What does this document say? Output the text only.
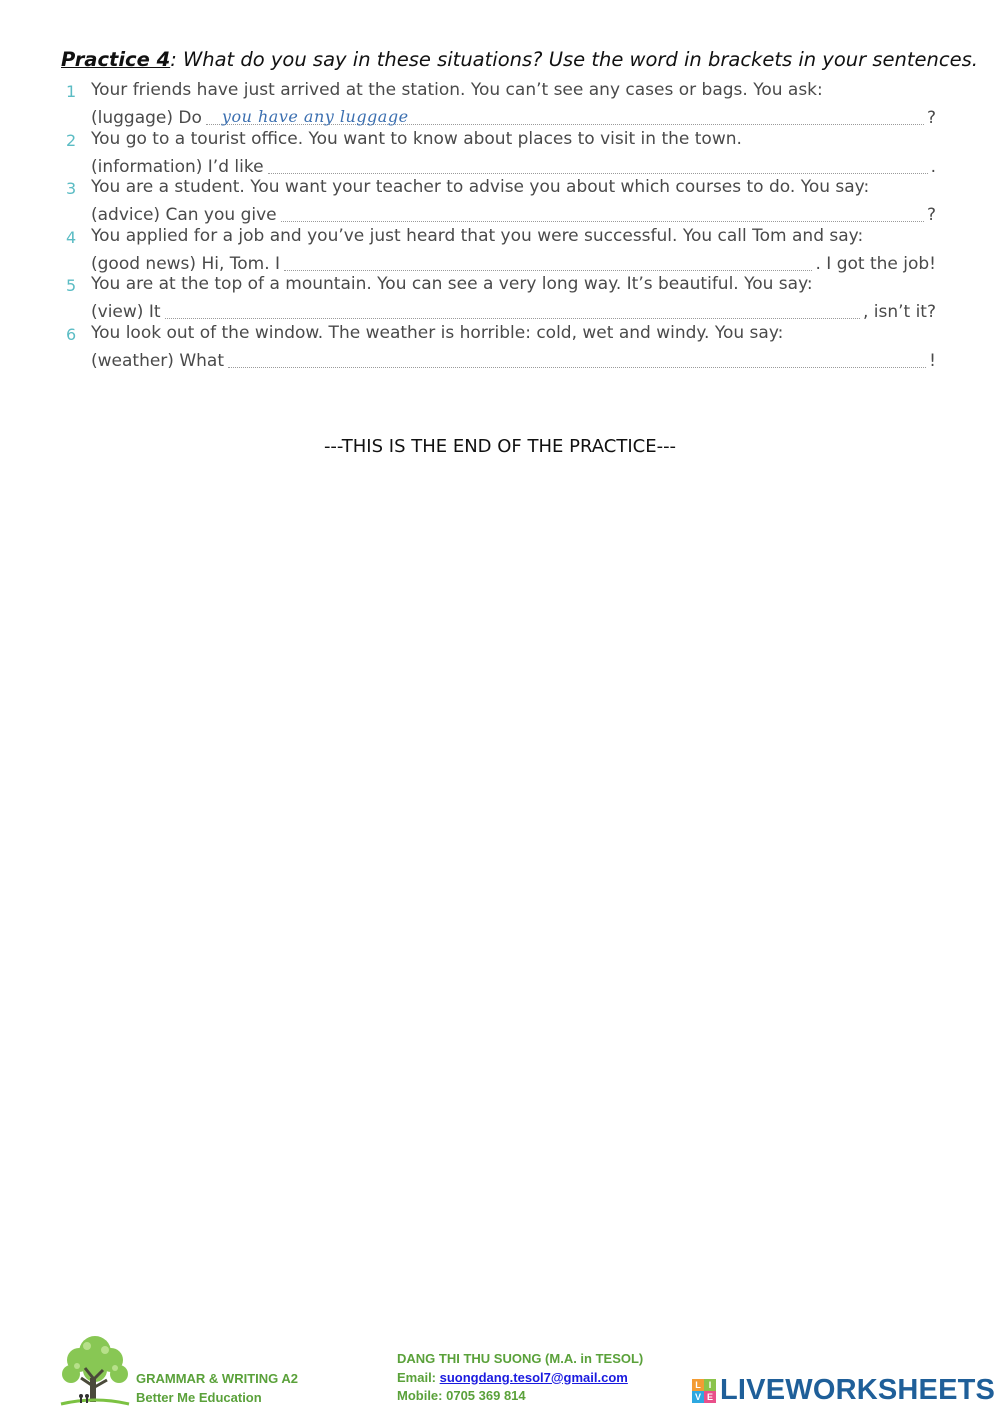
Practice 4: What do you say in these situations? Use the word in brackets in your sentences.
1 Your friends have just arrived at the station. You can’t see any cases or bags. You ask:
(luggage) Do you have any luggage	?
2 You go to a tourist office. You want to know about places to visit in the town.
(information) I’d like	.
3 You are a student. You want your teacher to advise you about which courses to do. You say:
(advice) Can you give	?
4 You applied for a job and you’ve just heard that you were successful. You call Tom and say:
(good news) Hi, Tom. I	. I got the job!
5 You are at the top of a mountain. You can see a very long way. It’s beautiful. You say:
(view) It	, isn’t it?
6 You look out of the window. The weather is horrible: cold, wet and windy. You say:
(weather) What	!
---THIS IS THE END OF THE PRACTICE---
GRAMMAR & WRITING A2
Better Me Education
DANG THI THU SUONG (M.A. in TESOL)
Email: suongdang.tesol7@gmail.com
Mobile: 0705 369 814
L I
V E LIVEWORKSHEETS
